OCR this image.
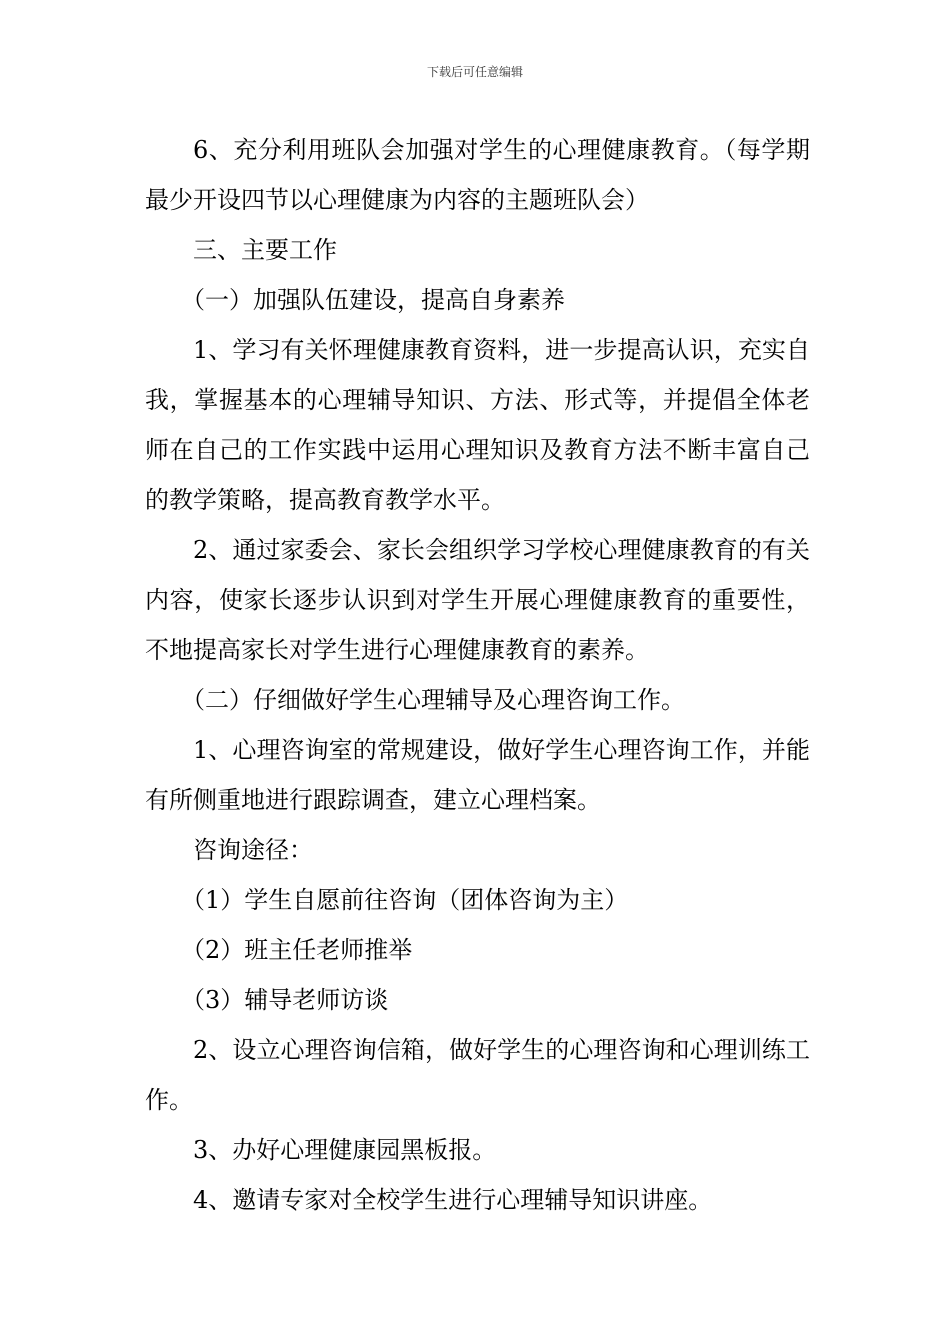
下载后可任意编辑

6、充分利用班队会加强对学生的心理健康教育。（每学期最少开设四节以心理健康为内容的主题班队会）

三、主要工作

（一）加强队伍建设，提高自身素养

1、学习有关怀理健康教育资料，进一步提高认识，充实自我，掌握基本的心理辅导知识、方法、形式等，并提倡全体老师在自己的工作实践中运用心理知识及教育方法不断丰富自己的教学策略，提高教育教学水平。

2、通过家委会、家长会组织学习学校心理健康教育的有关内容，使家长逐步认识到对学生开展心理健康教育的重要性，不地提高家长对学生进行心理健康教育的素养。

（二）仔细做好学生心理辅导及心理咨询工作。

1、心理咨询室的常规建设，做好学生心理咨询工作，并能有所侧重地进行跟踪调查，建立心理档案。

咨询途径：

（1）学生自愿前往咨询（团体咨询为主）

（2）班主任老师推举

（3）辅导老师访谈

2、设立心理咨询信箱，做好学生的心理咨询和心理训练工作。

3、办好心理健康园黑板报。

4、邀请专家对全校学生进行心理辅导知识讲座。
